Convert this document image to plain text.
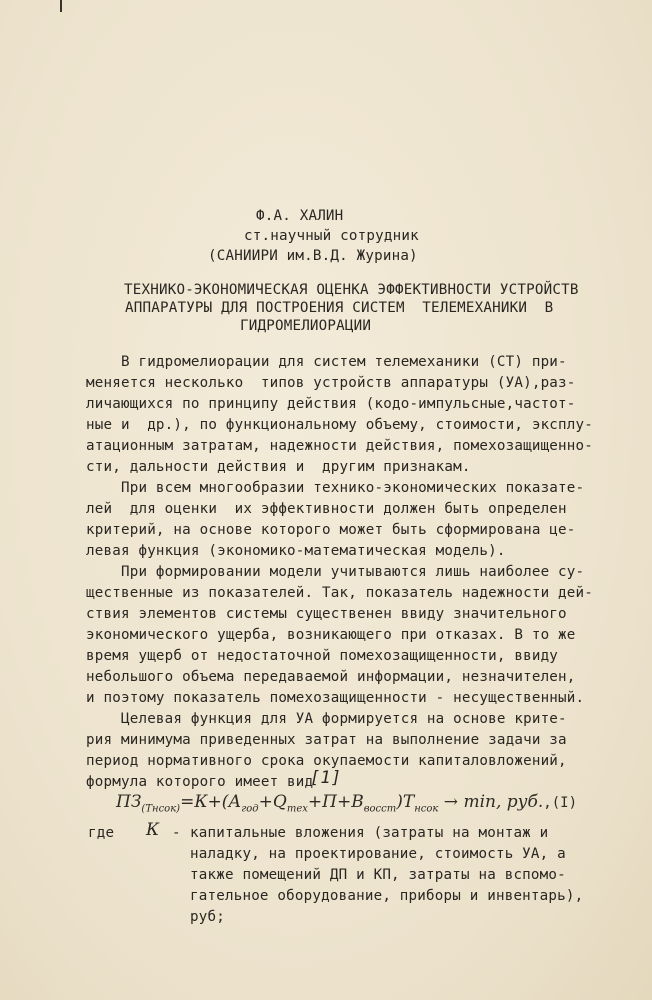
Ф.А. ХАЛИН
ст.научный сотрудник
(САНИИРИ им.В.Д. Журина)
ТЕХНИКО-ЭКОНОМИЧЕСКАЯ ОЦЕНКА ЭФФЕКТИВНОСТИ УСТРОЙСТВ
АППАРАТУРЫ ДЛЯ ПОСТРОЕНИЯ СИСТЕМ  ТЕЛЕМЕХАНИКИ  В
ГИДРОМЕЛИОРАЦИИ
В гидромелиорации для систем телемеханики (СТ) при-
меняется несколько  типов устройств аппаратуры (УА),раз-
личающихся по принципу действия (кодо-импульсные,частот-
ные и  др.), по функциональному объему, стоимости, эксплу-
атационным затратам, надежности действия, помехозащищенно-
сти, дальности действия и  другим признакам.
При всем многообразии технико-экономических показате-
лей  для оценки  их эффективности должен быть определен
критерий, на основе которого может быть сформирована це-
левая функция (экономико-математическая модель).
При формировании модели учитываются лишь наиболее су-
щественные из показателей. Так, показатель надежности дей-
ствия элементов системы существенен ввиду значительного
экономического ущерба, возникающего при отказах. В то же
время ущерб от недостаточной помехозащищенности, ввиду
небольшого объема передаваемой информации, незначителен,
и поэтому показатель помехозащищенности - несущественный.
Целевая функция для УА формируется на основе крите-
рия минимума приведенных затрат на выполнение задачи за
период нормативного срока окупаемости капиталовложений,
формула которого имеет вид
[1]
$ПЗ_{(Тнсок)}=К+(А_{год}+Q_{тех}+П+В_{восст})Т_{нсок} \to \min$, руб.,(I)
где К - капитальные вложения (затраты на монтаж и
наладку, на проектирование, стоимость УА, а
также помещений ДП и КП, затраты на вспомо-
гательное оборудование, приборы и инвентарь),
руб;
